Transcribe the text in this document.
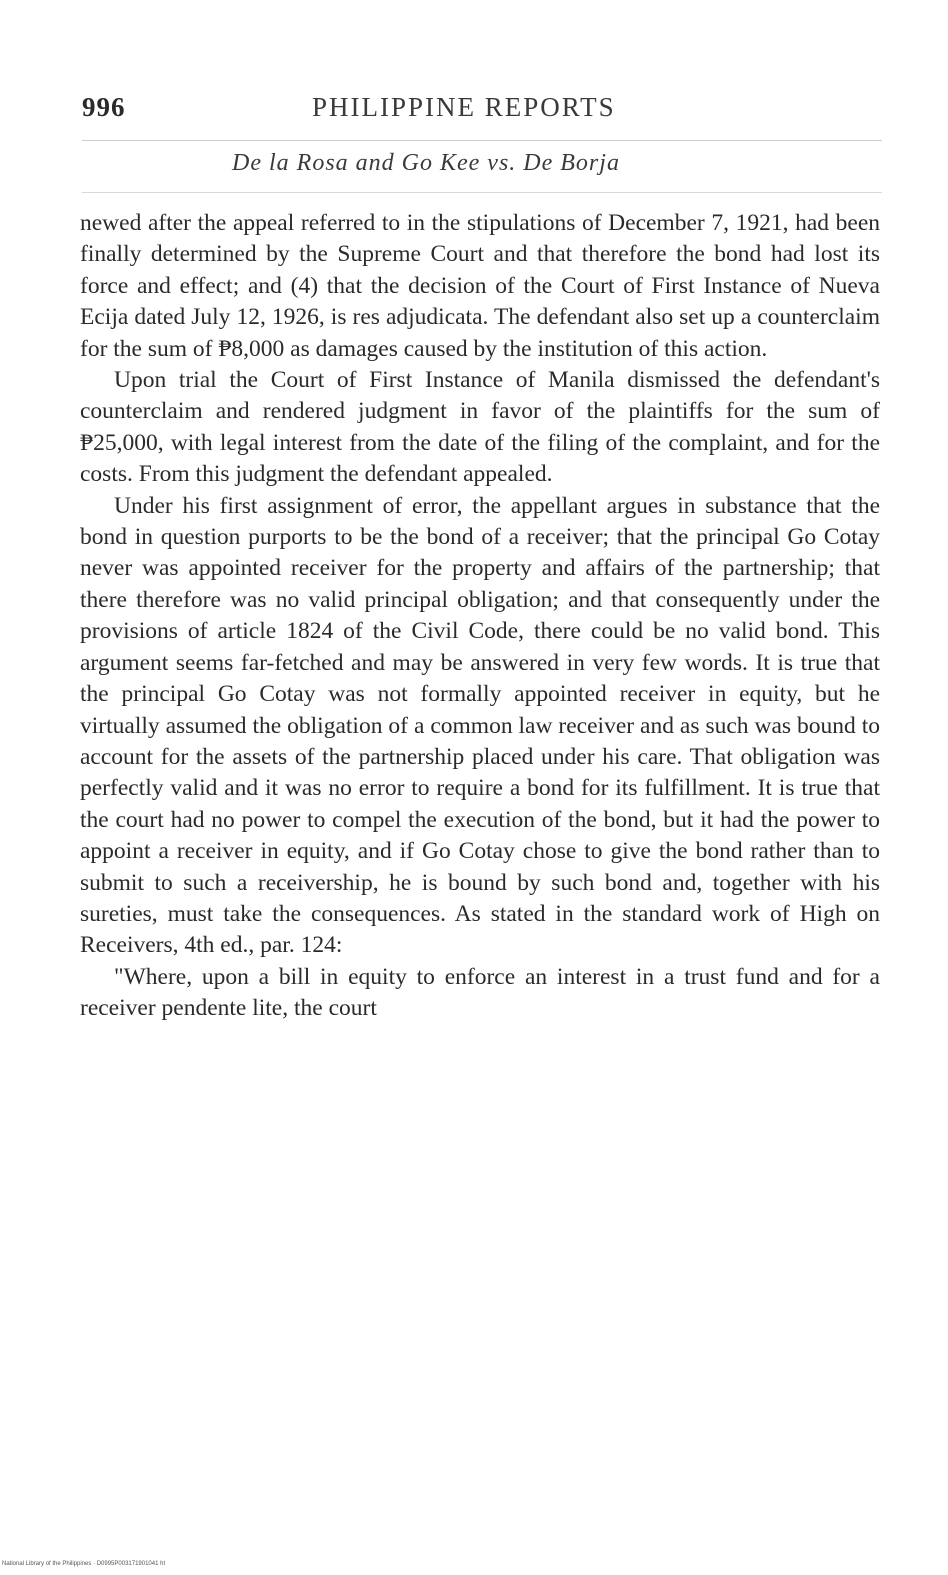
996	PHILIPPINE REPORTS
De la Rosa and Go Kee vs. De Borja

newed after the appeal referred to in the stipulations of December 7, 1921, had been finally determined by the Supreme Court and that therefore the bond had lost its force and effect; and (4) that the decision of the Court of First Instance of Nueva Ecija dated July 12, 1926, is res adjudicata. The defendant also set up a counterclaim for the sum of ₱8,000 as damages caused by the institution of this action.

Upon trial the Court of First Instance of Manila dismissed the defendant's counterclaim and rendered judgment in favor of the plaintiffs for the sum of ₱25,000, with legal interest from the date of the filing of the complaint, and for the costs. From this judgment the defendant appealed.

Under his first assignment of error, the appellant argues in substance that the bond in question purports to be the bond of a receiver; that the principal Go Cotay never was appointed receiver for the property and affairs of the partnership; that there therefore was no valid principal obligation; and that consequently under the provisions of article 1824 of the Civil Code, there could be no valid bond. This argument seems far-fetched and may be answered in very few words. It is true that the principal Go Cotay was not formally appointed receiver in equity, but he virtually assumed the obligation of a common law receiver and as such was bound to account for the assets of the partnership placed under his care. That obligation was perfectly valid and it was no error to require a bond for its fulfillment. It is true that the court had no power to compel the execution of the bond, but it had the power to appoint a receiver in equity, and if Go Cotay chose to give the bond rather than to submit to such a receivership, he is bound by such bond and, together with his sureties, must take the consequences. As stated in the standard work of High on Receivers, 4th ed., par. 124:

"Where, upon a bill in equity to enforce an interest in a trust fund and for a receiver pendente lite, the court

National Library of the Philippines · D0995P003171901041 ht
